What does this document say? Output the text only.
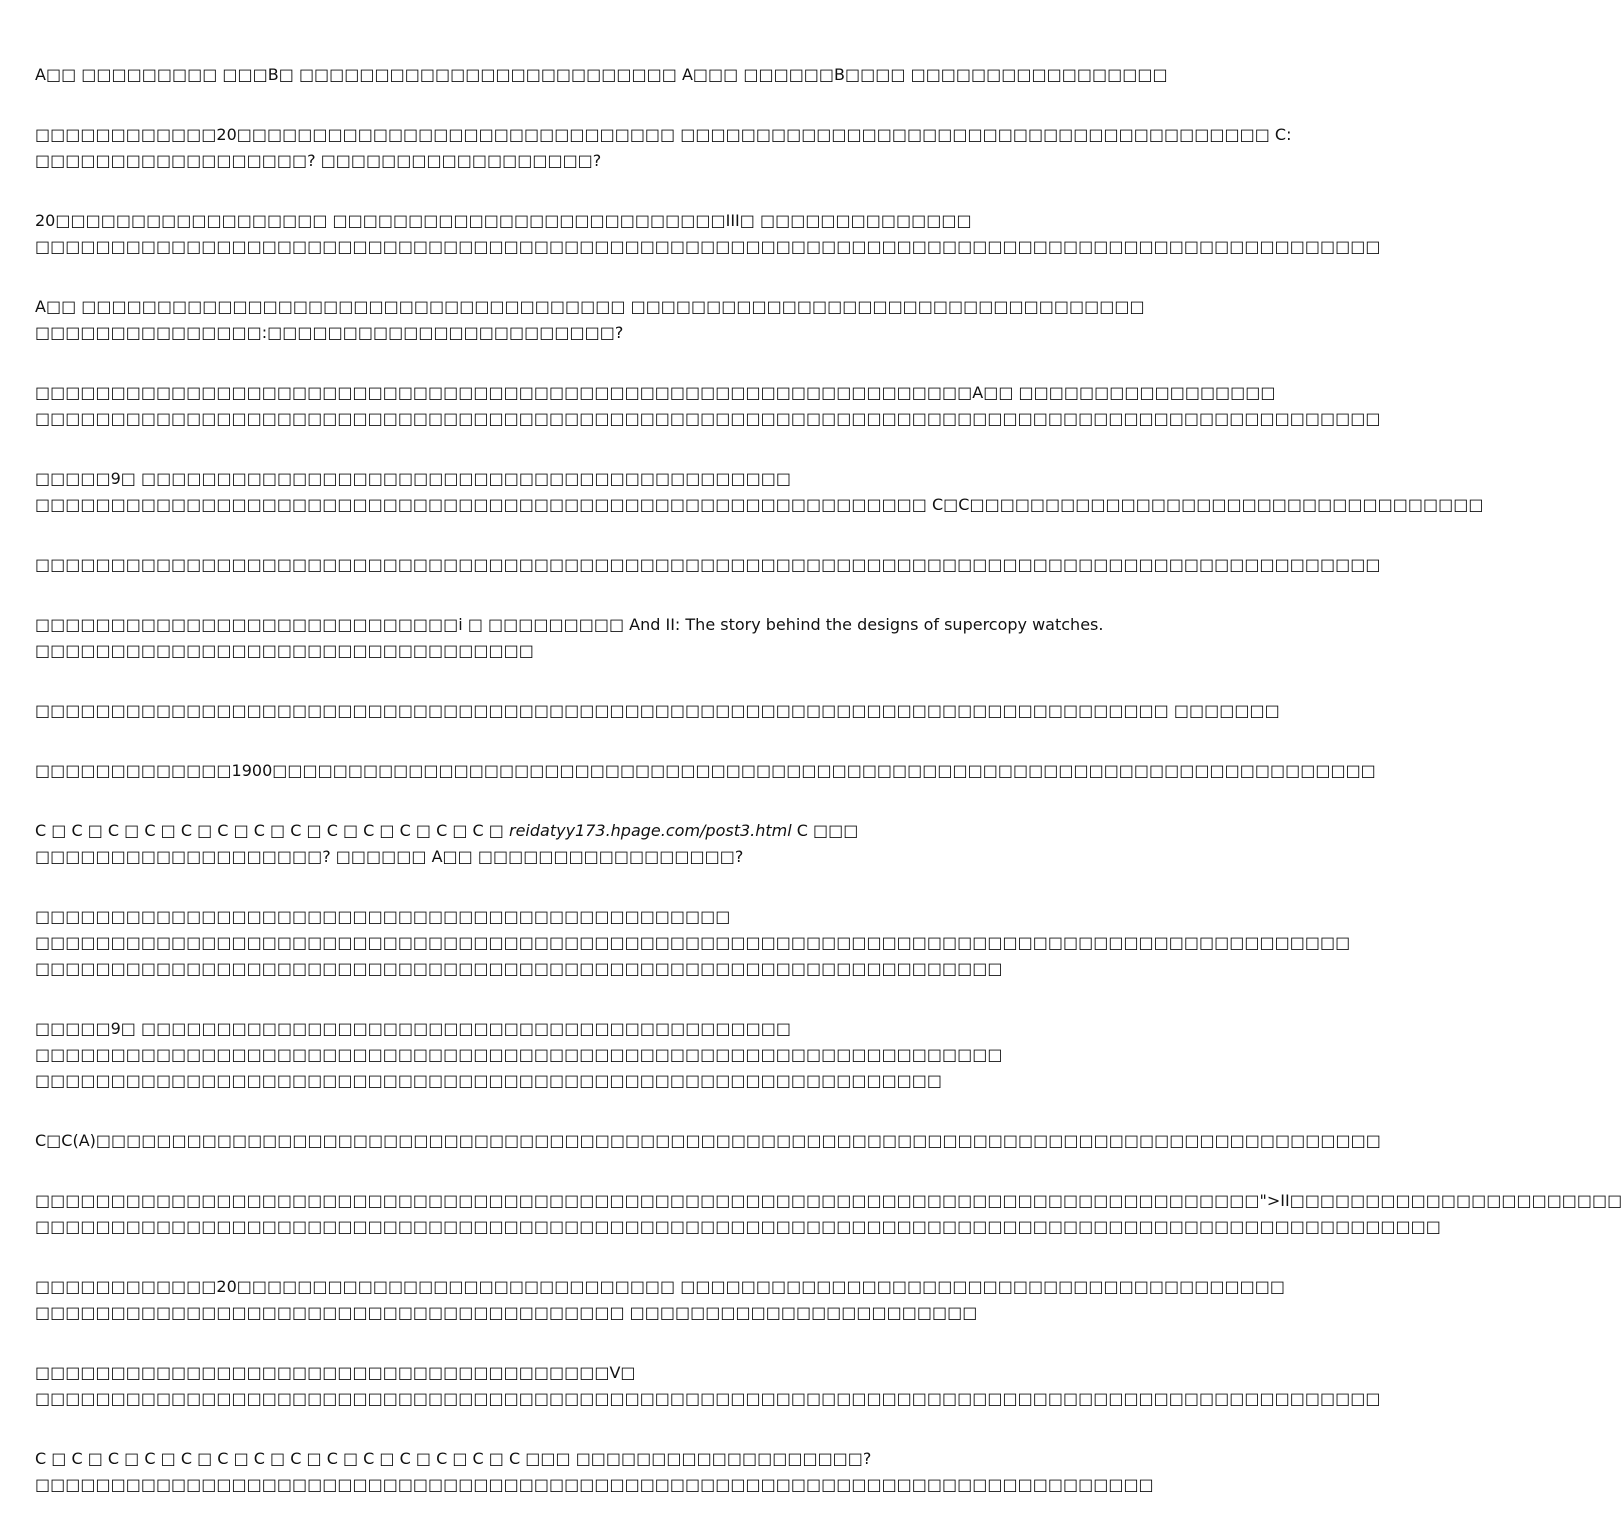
A□□ □□□□□□□□□ □□□B□ □□□□□□□□□□□□□□□□□□□□□□□□□ A□□□ □□□□□□B□□□□ □□□□□□□□□□□□□□□□□

□□□□□□□□□□□□20□□□□□□□□□□□□□□□□□□□□□□□□□□□□□ □□□□□□□□□□□□□□□□□□□□□□□□□□□□□□□□□□□□□□□ C:
□□□□□□□□□□□□□□□□□□? □□□□□□□□□□□□□□□□□□?

20□□□□□□□□□□□□□□□□□□ □□□□□□□□□□□□□□□□□□□□□□□□□□III□ □□□□□□□□□□□□□□
□□□□□□□□□□□□□□□□□□□□□□□□□□□□□□□□□□□□□□□□□□□□□□□□□□□□□□□□□□□□□□□□□□□□□□□□□□□□□□□□□□□□□□□□□

A□□ □□□□□□□□□□□□□□□□□□□□□□□□□□□□□□□□□□□□ □□□□□□□□□□□□□□□□□□□□□□□□□□□□□□□□□□
□□□□□□□□□□□□□□□:□□□□□□□□□□□□□□□□□□□□□□□?

□□□□□□□□□□□□□□□□□□□□□□□□□□□□□□□□□□□□□□□□□□□□□□□□□□□□□□□□□□□□□□A□□ □□□□□□□□□□□□□□□□□
□□□□□□□□□□□□□□□□□□□□□□□□□□□□□□□□□□□□□□□□□□□□□□□□□□□□□□□□□□□□□□□□□□□□□□□□□□□□□□□□□□□□□□□□□

□□□□□9□ □□□□□□□□□□□□□□□□□□□□□□□□□□□□□□□□□□□□□□□□□□□
□□□□□□□□□□□□□□□□□□□□□□□□□□□□□□□□□□□□□□□□□□□□□□□□□□□□□□□□□□□ C□C□□□□□□□□□□□□□□□□□□□□□□□□□□□□□□□□□□

□□□□□□□□□□□□□□□□□□□□□□□□□□□□□□□□□□□□□□□□□□□□□□□□□□□□□□□□□□□□□□□□□□□□□□□□□□□□□□□□□□□□□□□□□

□□□□□□□□□□□□□□□□□□□□□□□□□□□□i □ □□□□□□□□□ And II: The story behind the designs of supercopy watches.
□□□□□□□□□□□□□□□□□□□□□□□□□□□□□□□□□

□□□□□□□□□□□□□□□□□□□□□□□□□□□□□□□□□□□□□□□□□□□□□□□□□□□□□□□□□□□□□□□□□□□□□□□□□□□ □□□□□□□

□□□□□□□□□□□□□1900□□□□□□□□□□□□□□□□□□□□□□□□□□□□□□□□□□□□□□□□□□□□□□□□□□□□□□□□□□□□□□□□□□□□□□□□□

C □ C □ C □ C □ C □ C □ C □ C □ C □ C □ C □ C □ C □ reidatyy173.hpage.com/post3.html C □□□
□□□□□□□□□□□□□□□□□□□? □□□□□□ A□□ □□□□□□□□□□□□□□□□□?

□□□□□□□□□□□□□□□□□□□□□□□□□□□□□□□□□□□□□□□□□□□□□□
□□□□□□□□□□□□□□□□□□□□□□□□□□□□□□□□□□□□□□□□□□□□□□□□□□□□□□□□□□□□□□□□□□□□□□□□□□□□□□□□□□□□□□□
□□□□□□□□□□□□□□□□□□□□□□□□□□□□□□□□□□□□□□□□□□□□□□□□□□□□□□□□□□□□□□□□

□□□□□9□ □□□□□□□□□□□□□□□□□□□□□□□□□□□□□□□□□□□□□□□□□□□
□□□□□□□□□□□□□□□□□□□□□□□□□□□□□□□□□□□□□□□□□□□□□□□□□□□□□□□□□□□□□□□□
□□□□□□□□□□□□□□□□□□□□□□□□□□□□□□□□□□□□□□□□□□□□□□□□□□□□□□□□□□□□

C□C(A)□□□□□□□□□□□□□□□□□□□□□□□□□□□□□□□□□□□□□□□□□□□□□□□□□□□□□□□□□□□□□□□□□□□□□□□□□□□□□□□□□□□□□

□□□□□□□□□□□□□□□□□□□□□□□□□□□□□□□□□□□□□□□□□□□□□□□□□□□□□□□□□□□□□□□□□□□□□□□□□□□□□□□□□">II□□□□□□□□□□□□□□□□□□□□□□
□□□□□□□□□□□□□□□□□□□□□□□□□□□□□□□□□□□□□□□□□□□□□□□□□□□□□□□□□□□□□□□□□□□□□□□□□□□□□□□□□□□□□□□□□□□□□

□□□□□□□□□□□□20□□□□□□□□□□□□□□□□□□□□□□□□□□□□□ □□□□□□□□□□□□□□□□□□□□□□□□□□□□□□□□□□□□□□□□
□□□□□□□□□□□□□□□□□□□□□□□□□□□□□□□□□□□□□□□ □□□□□□□□□□□□□□□□□□□□□□□

□□□□□□□□□□□□□□□□□□□□□□□□□□□□□□□□□□□□□□V□
□□□□□□□□□□□□□□□□□□□□□□□□□□□□□□□□□□□□□□□□□□□□□□□□□□□□□□□□□□□□□□□□□□□□□□□□□□□□□□□□□□□□□□□□□

C □ C □ C □ C □ C □ C □ C □ C □ C □ C □ C □ C □ C □ C □□□ □□□□□□□□□□□□□□□□□□□?
□□□□□□□□□□□□□□□□□□□□□□□□□□□□□□□□□□□□□□□□□□□□□□□□□□□□□□□□□□□□□□□□□□□□□□□□□□
